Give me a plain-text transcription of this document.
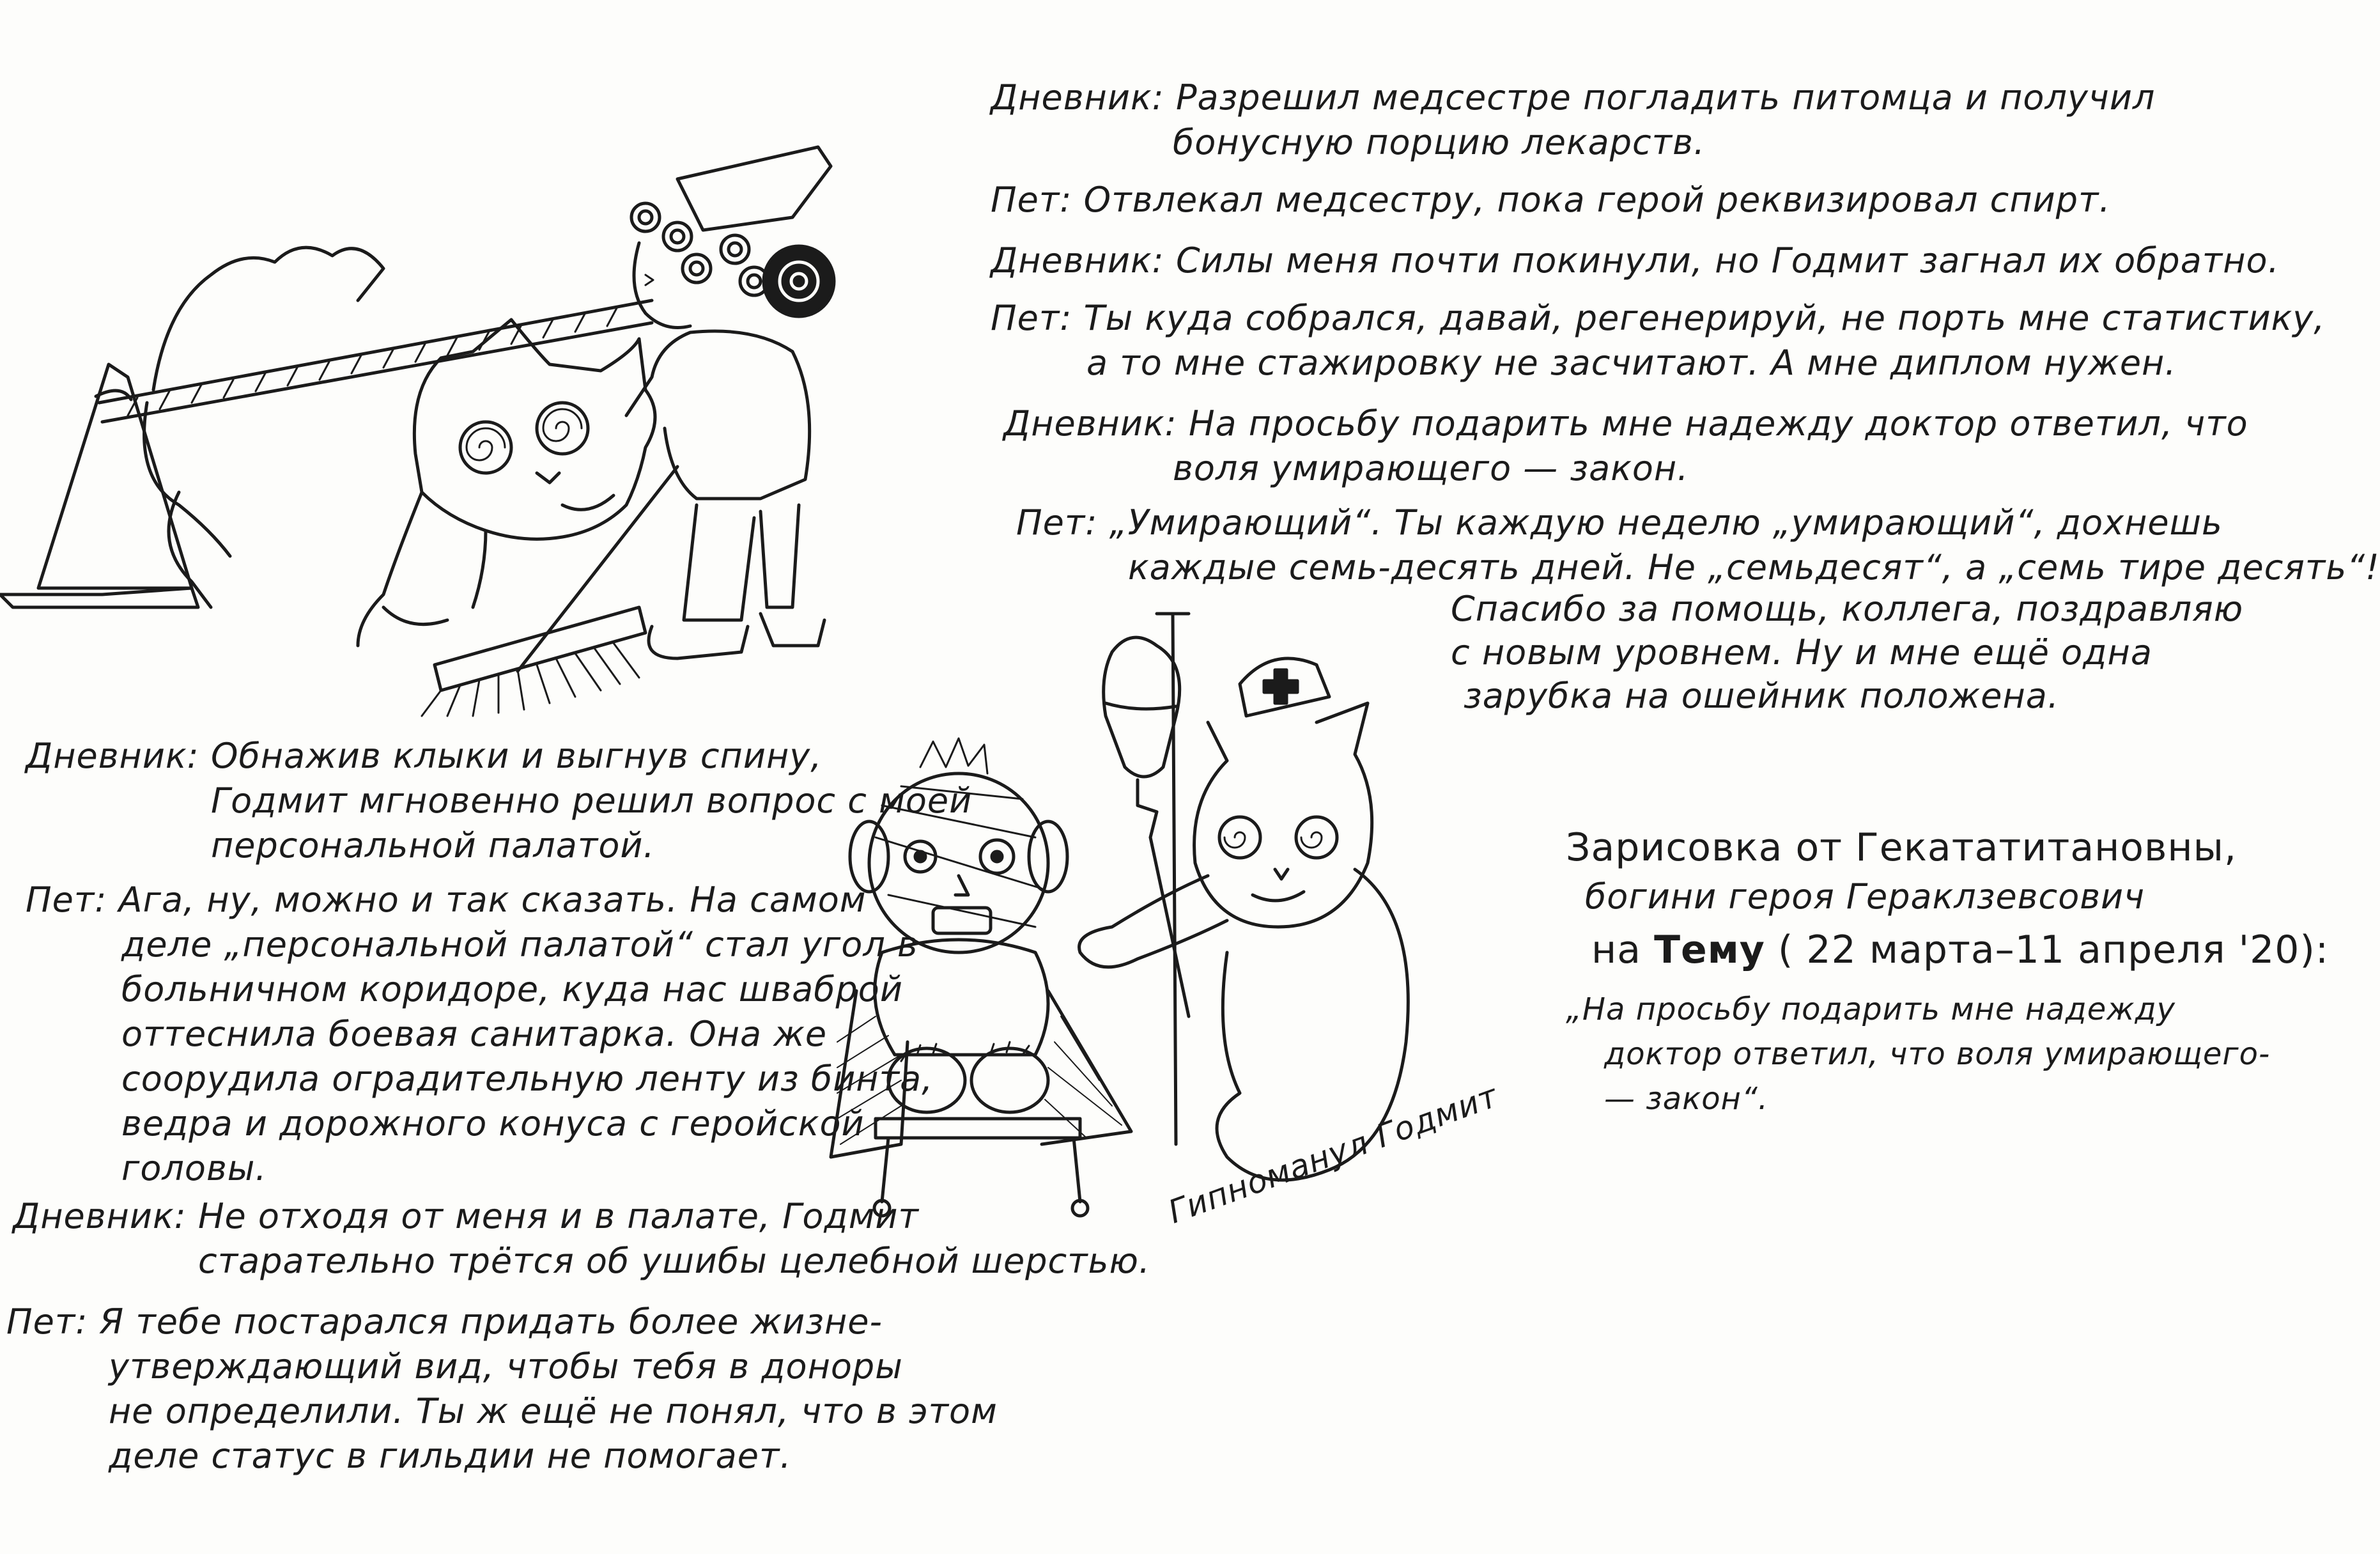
Дневник: Разрешил медсестре погладить питомца и получил
бонусную порцию лекарств.
Пет: Отвлекал медсестру, пока герой реквизировал спирт.
Дневник: Силы меня почти покинули, но Годмит загнал их обратно.
Пет: Ты куда собрался, давай, регенерируй, не порть мне статистику,
а то мне стажировку не засчитают. А мне диплом нужен.
Дневник: На просьбу подарить мне надежду доктор ответил, что
воля умирающего — закон.
Пет: „Умирающий“. Ты каждую неделю „умирающий“, дохнешь
каждые семь-десять дней. Не „семьдесят“, а „семь тире десять“!
Спасибо за помощь, коллега, поздравляю
с новым уровнем. Ну и мне ещё одна
зарубка на ошейник положена.
Дневник: Обнажив клыки и выгнув спину,
Годмит мгновенно решил вопрос с моей
персональной палатой.
Пет: Ага, ну, можно и так сказать. На самом
деле „персональной палатой“ стал угол в
больничном коридоре, куда нас шваброй
оттеснила боевая санитарка. Она же
соорудила оградительную ленту из бинта,
ведра и дорожного конуса с геройской
головы.
Дневник: Не отходя от меня и в палате, Годмит
старательно трётся об ушибы целебной шерстью.
Пет: Я тебе постарался придать более жизне-
утверждающий вид, чтобы тебя в доноры
не определили. Ты ж ещё не понял, что в этом
деле статус в гильдии не помогает.
Зарисовка от Гекататитановны,
богини героя Гераклзевсович
на Тему ( 22 марта–11 апреля '20):
„На просьбу подарить мне надежду
доктор ответил, что воля умирающего-
— закон“.
Гипноманул Годмит
